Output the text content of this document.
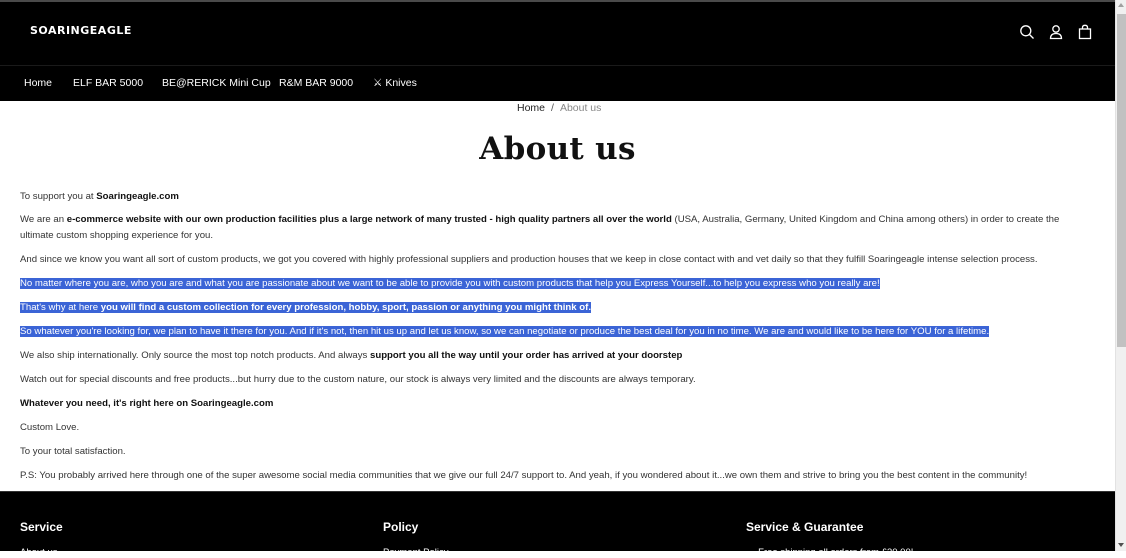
SOARINGEAGLE
Home ELF BAR 5000 BE@RERICK Mini Cup R&M BAR 9000 ⚔ Knives
Home / About us
About us

To support you at Soaringeagle.com

We are an e-commerce website with our own production facilities plus a large network of many trusted - high quality partners all over the world (USA, Australia, Germany, United Kingdom and China among others) in order to create the ultimate custom shopping experience for you.

And since we know you want all sort of custom products, we got you covered with highly professional suppliers and production houses that we keep in close contact with and vet daily so that they fulfill Soaringeagle intense selection process.

No matter where you are, who you are and what you are passionate about we want to be able to provide you with custom products that help you Express Yourself...to help you express who you really are!

That's why at here you will find a custom collection for every profession, hobby, sport, passion or anything you might think of.

So whatever you're looking for, we plan to have it there for you. And if it's not, then hit us up and let us know, so we can negotiate or produce the best deal for you in no time. We are and would like to be here for YOU for a lifetime.

We also ship internationally. Only source the most top notch products. And always support you all the way until your order has arrived at your doorstep

Watch out for special discounts and free products...but hurry due to the custom nature, our stock is always very limited and the discounts are always temporary.

Whatever you need, it's right here on Soaringeagle.com

Custom Love.

To your total satisfaction.

P.S: You probably arrived here through one of the super awesome social media communities that we give our full 24/7 support to. And yeah, if you wondered about it...we own them and strive to bring you the best content in the community!

Service
About us
Policy
Payment Policy
Service & Guarantee
→ Free shipping all orders from £30.00!
